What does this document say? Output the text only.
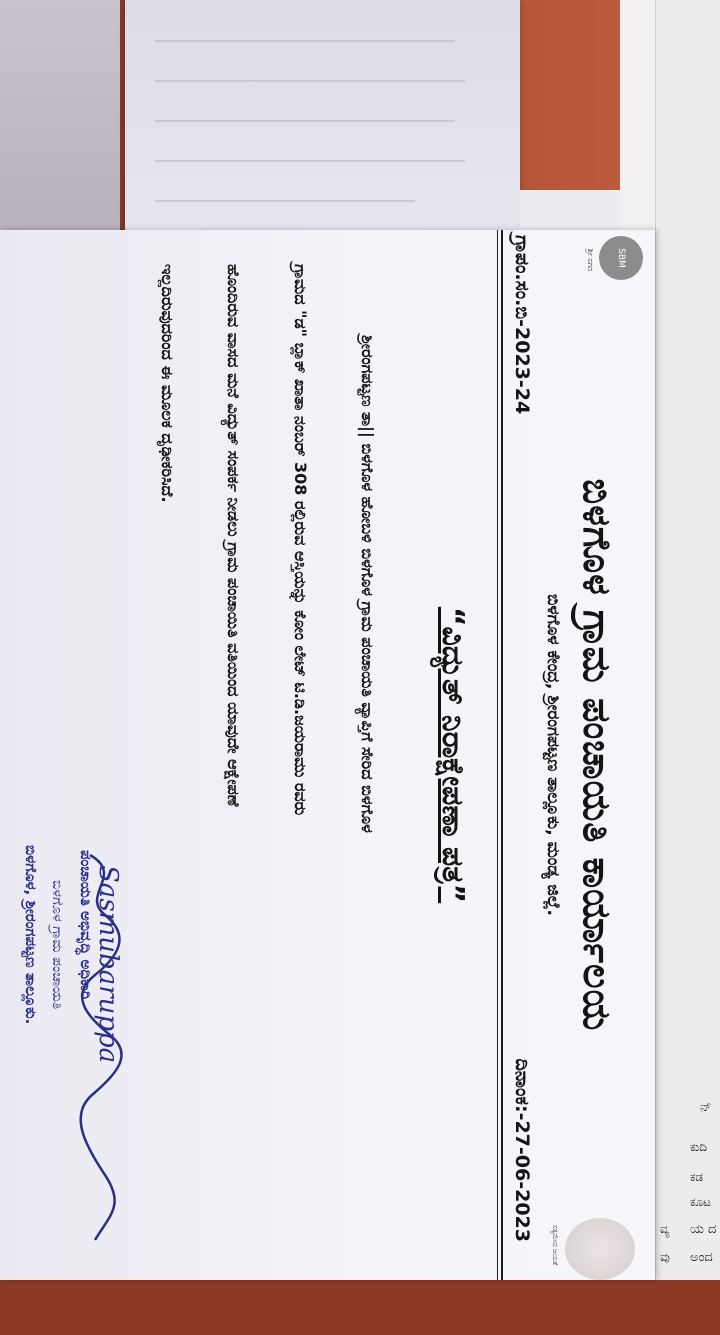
SBM
ಶ್ರೀ ನಗರ
ಸತ್ಯಮೇವ ಜಯತೆ
ಬಿಳಗೊಳ ಗ್ರಾಮ ಪಂಚಾಯತಿ ಕಾರ್ಯಾಲಯ
ಬಿಳಗೊಳ ಕೇಂದ್ರ, ಶ್ರೀರಂಗಪಟ್ಟಣ ತಾಲ್ಲೂಕು, ಮಂಡ್ಯ ಜಿಲ್ಲೆ.
ಗ್ರಾಪಂ.ಸಂ.ಬಿ-2023-24
ದಿನಾಂಕ:-27-06-2023
“ವಿದ್ಯುತ್ ನಿರಾಕ್ಷೇಪಣಾ ಪತ್ರ”
ಶ್ರೀರಂಗಪಟ್ಟಣ ತಾ|| ಬಿಳಗೊಳ ಹೋಬಳಿ ಬಿಳಗೊಳ ಗ್ರಾಮ ಪಂಚಾಯತಿ ವ್ಯಾಪ್ತಿಗೆ ಸೇರಿದ ಬಿಳಗೊಳ
ಗ್ರಾಮದ "ಡ" ಬ್ಲಾಕ್ ಖಾತಾ ನಂಬರ್ 308 ರಲ್ಲಿರುವ ಆಸ್ತಿಯನ್ನು ಕೋಂ ಲೇಟ್ ಟಿ.ಡಿ.ಜಯರಾಮು ರವರು
ಹೊಂದಿರುವ ವಾಸದ ಮನೆ ವಿದ್ಯುತ್ ಸಂಪರ್ಕ ನೀಡಲು ಗ್ರಾಮ ಪಂಚಾಯಿತಿ ವತಿಯಿಂದ ಯಾವುದೇ ಆಕ್ಷೇಪಣೆ
ಇಲ್ಲದಿರುವುದರಿಂದ ಈ ಮೂಲಕ ದೃಢೀಕರಿಸಿದೆ.
Sasmubaruppa
ಪಂಚಾಯತಿ ಅಭಿವೃದ್ಧಿ ಅಧಿಕಾರಿ
ಬಿಳಗೊಳ ಗ್ರಾಮ ಪಂಚಾಯತಿ
ಬಿಳಗೊಳ, ಶ್ರೀರಂಗಪಟ್ಟಣ ತಾಲ್ಲೂಕು.
ಯ ದ
ಅಂದ
ನ್
ಕುದಿ
ಕಡ
ಕೂಟ
ವ್ಯ
ವು
